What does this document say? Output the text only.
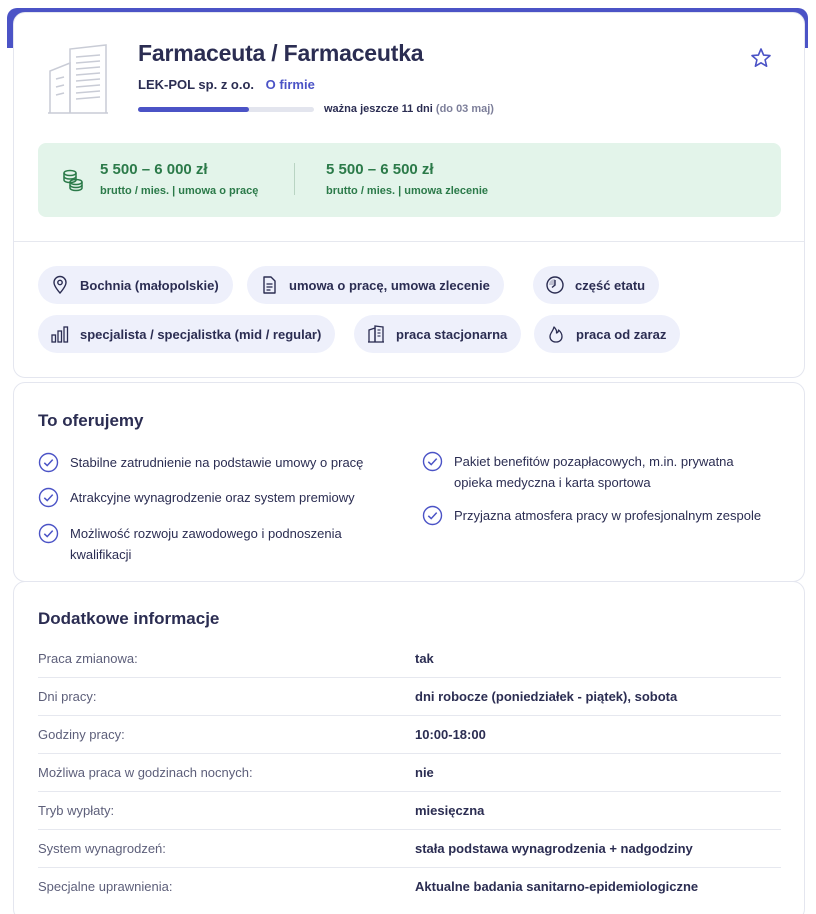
Farmaceuta / Farmaceutka
LEK-POL sp. z o.o. O firmie
ważna jeszcze 11 dni (do 03 maj)
5 500 – 6 000 zł
brutto / mies. | umowa o pracę
5 500 – 6 500 zł
brutto / mies. | umowa zlecenie
Bochnia (małopolskie)	umowa o pracę, umowa zlecenie	część etatu
specjalista / specjalistka (mid / regular)	praca stacjonarna	praca od zaraz
To oferujemy
Stabilne zatrudnienie na podstawie umowy o pracę
Atrakcyjne wynagrodzenie oraz system premiowy
Możliwość rozwoju zawodowego i podnoszenia kwalifikacji
Pakiet benefitów pozapłacowych, m.in. prywatna opieka medyczna i karta sportowa
Przyjazna atmosfera pracy w profesjonalnym zespole
Dodatkowe informacje
Praca zmianowa:	tak
Dni pracy:	dni robocze (poniedziałek - piątek), sobota
Godziny pracy:	10:00-18:00
Możliwa praca w godzinach nocnych:	nie
Tryb wypłaty:	miesięczna
System wynagrodzeń:	stała podstawa wynagrodzenia + nadgodziny
Specjalne uprawnienia:	Aktualne badania sanitarno-epidemiologiczne
